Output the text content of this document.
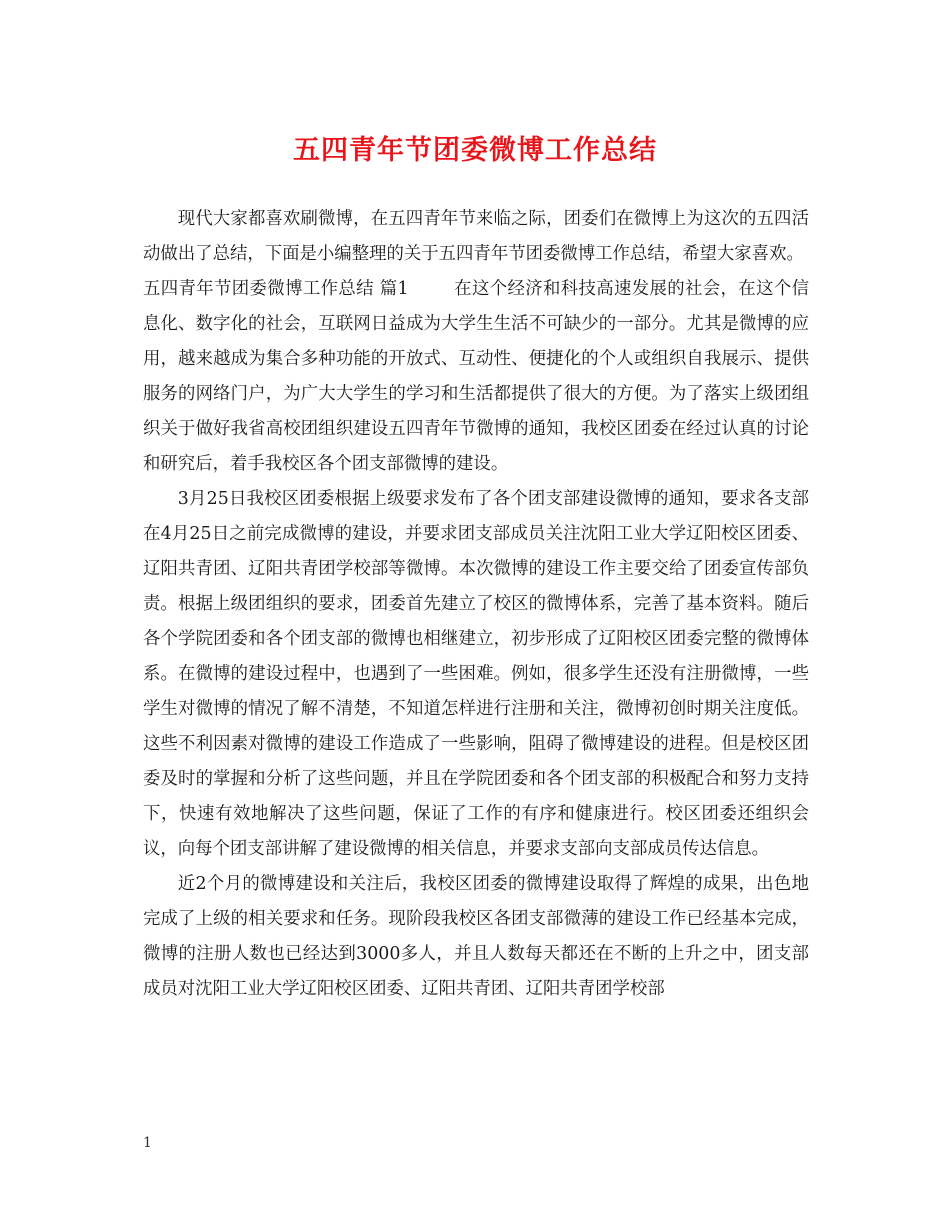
五四青年节团委微博工作总结

现代大家都喜欢刷微博，在五四青年节来临之际，团委们在微博上为这次的五四活动做出了总结，下面是小编整理的关于五四青年节团委微博工作总结，希望大家喜欢。

五四青年节团委微博工作总结 篇1	在这个经济和科技高速发展的社会，在这个信息化、数字化的社会，互联网日益成为大学生生活不可缺少的一部分。尤其是微博的应用，越来越成为集合多种功能的开放式、互动性、便捷化的个人或组织自我展示、提供服务的网络门户，为广大大学生的学习和生活都提供了很大的方便。为了落实上级团组织关于做好我省高校团组织建设五四青年节微博的通知，我校区团委在经过认真的讨论和研究后，着手我校区各个团支部微博的建设。

3月25日我校区团委根据上级要求发布了各个团支部建设微博的通知，要求各支部在4月25日之前完成微博的建设，并要求团支部成员关注沈阳工业大学辽阳校区团委、辽阳共青团、辽阳共青团学校部等微博。本次微博的建设工作主要交给了团委宣传部负责。根据上级团组织的要求，团委首先建立了校区的微博体系，完善了基本资料。随后各个学院团委和各个团支部的微博也相继建立，初步形成了辽阳校区团委完整的微博体系。在微博的建设过程中，也遇到了一些困难。例如，很多学生还没有注册微博，一些学生对微博的情况了解不清楚，不知道怎样进行注册和关注，微博初创时期关注度低。这些不利因素对微博的建设工作造成了一些影响，阻碍了微博建设的进程。但是校区团委及时的掌握和分析了这些问题，并且在学院团委和各个团支部的积极配合和努力支持下，快速有效地解决了这些问题，保证了工作的有序和健康进行。校区团委还组织会议，向每个团支部讲解了建设微博的相关信息，并要求支部向支部成员传达信息。

近2个月的微博建设和关注后，我校区团委的微博建设取得了辉煌的成果，出色地完成了上级的相关要求和任务。现阶段我校区各团支部微薄的建设工作已经基本完成，微博的注册人数也已经达到3000多人，并且人数每天都还在不断的上升之中，团支部成员对沈阳工业大学辽阳校区团委、辽阳共青团、辽阳共青团学校部

1
